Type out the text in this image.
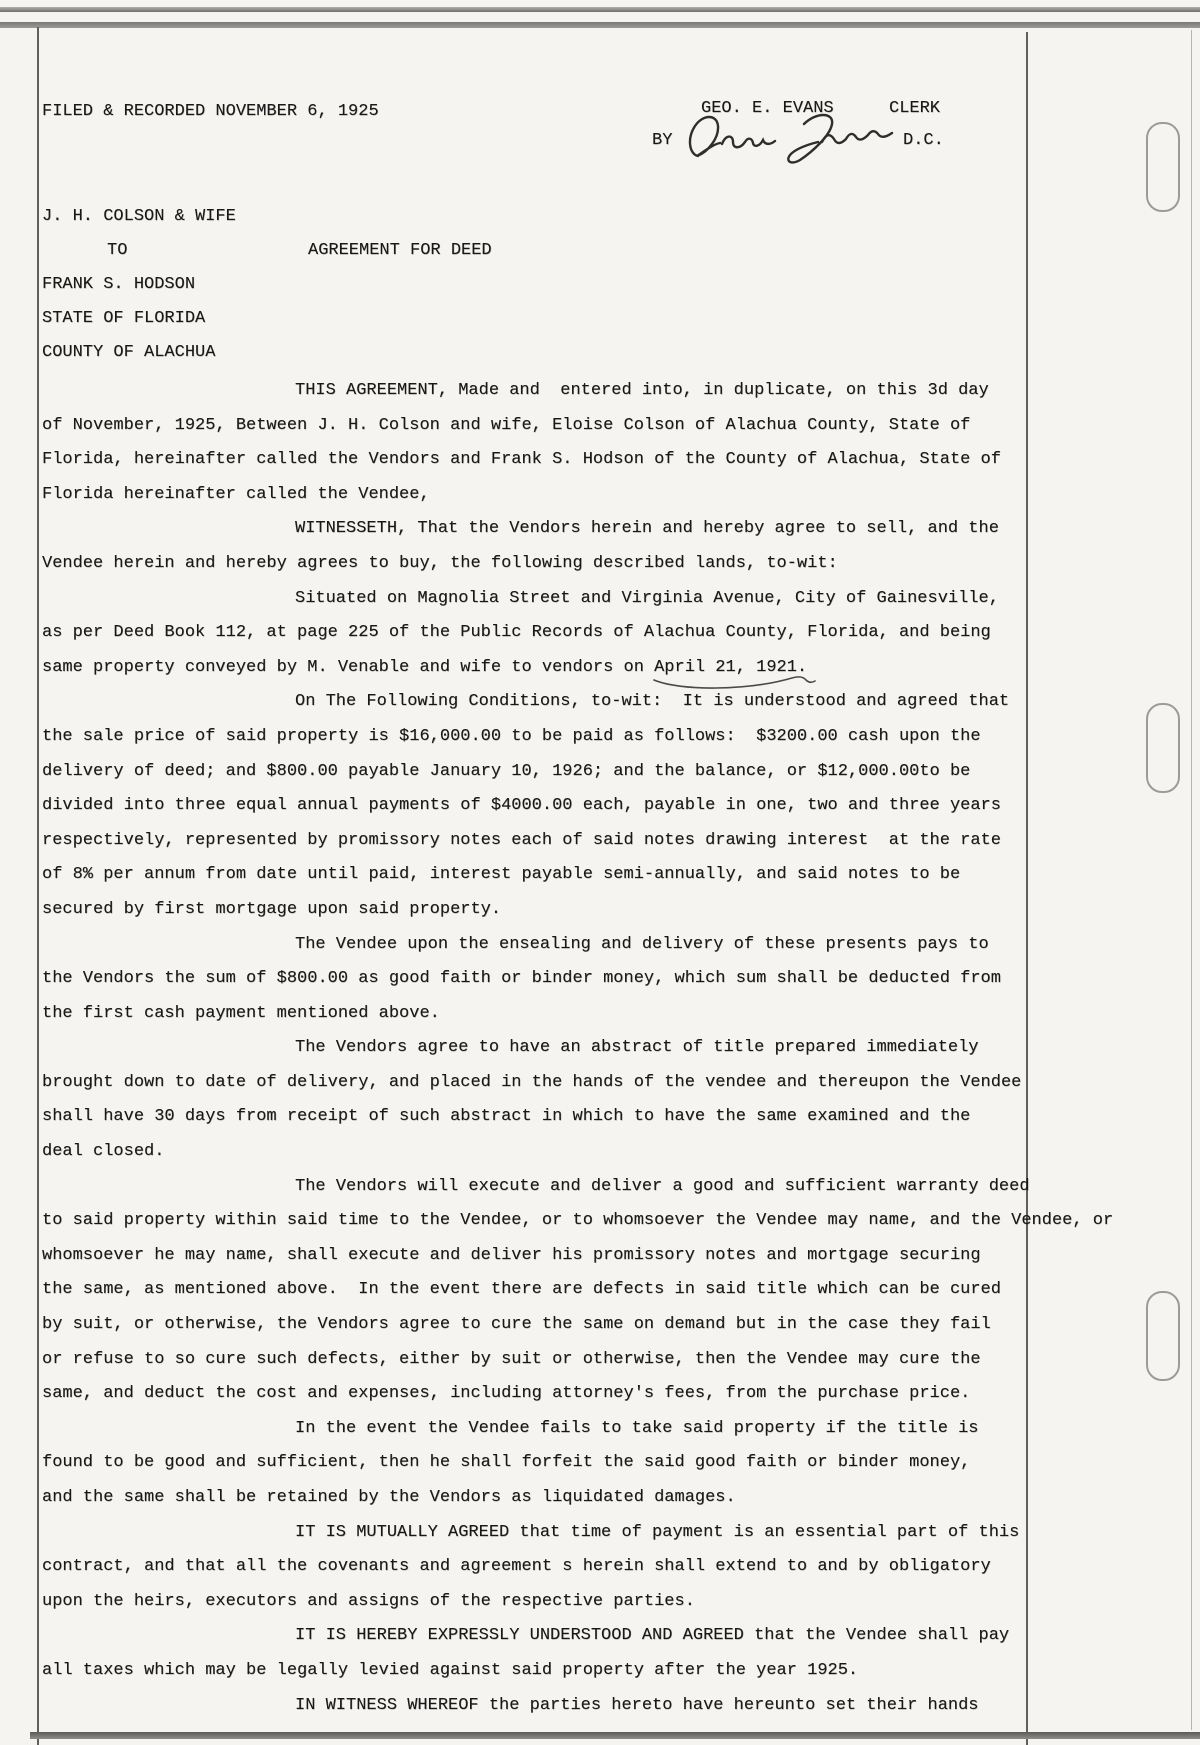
FILED & RECORDED NOVEMBER 6, 1925	GEO. E. EVANS	CLERK
BY	D.C.
J. H. COLSON & WIFE
TO	AGREEMENT FOR DEED
FRANK S. HODSON
STATE OF FLORIDA
COUNTY OF ALACHUA
THIS AGREEMENT, Made and  entered into, in duplicate, on this 3d day
of November, 1925, Between J. H. Colson and wife, Eloise Colson of Alachua County, State of
Florida, hereinafter called the Vendors and Frank S. Hodson of the County of Alachua, State of
Florida hereinafter called the Vendee,
WITNESSETH, That the Vendors herein and hereby agree to sell, and the
Vendee herein and hereby agrees to buy, the following described lands, to-wit:
Situated on Magnolia Street and Virginia Avenue, City of Gainesville,
as per Deed Book 112, at page 225 of the Public Records of Alachua County, Florida, and being
same property conveyed by M. Venable and wife to vendors on April 21, 1921.
On The Following Conditions, to-wit:  It is understood and agreed that
the sale price of said property is $16,000.00 to be paid as follows:  $3200.00 cash upon the
delivery of deed; and $800.00 payable January 10, 1926; and the balance, or $12,000.00to be
divided into three equal annual payments of $4000.00 each, payable in one, two and three years
respectively, represented by promissory notes each of said notes drawing interest  at the rate
of 8% per annum from date until paid, interest payable semi-annually, and said notes to be
secured by first mortgage upon said property.
The Vendee upon the ensealing and delivery of these presents pays to
the Vendors the sum of $800.00 as good faith or binder money, which sum shall be deducted from
the first cash payment mentioned above.
The Vendors agree to have an abstract of title prepared immediately
brought down to date of delivery, and placed in the hands of the vendee and thereupon the Vendee
shall have 30 days from receipt of such abstract in which to have the same examined and the
deal closed.
The Vendors will execute and deliver a good and sufficient warranty deed
to said property within said time to the Vendee, or to whomsoever the Vendee may name, and the Vendee, or
whomsoever he may name, shall execute and deliver his promissory notes and mortgage securing
the same, as mentioned above.  In the event there are defects in said title which can be cured
by suit, or otherwise, the Vendors agree to cure the same on demand but in the case they fail
or refuse to so cure such defects, either by suit or otherwise, then the Vendee may cure the
same, and deduct the cost and expenses, including attorney's fees, from the purchase price.
In the event the Vendee fails to take said property if the title is
found to be good and sufficient, then he shall forfeit the said good faith or binder money,
and the same shall be retained by the Vendors as liquidated damages.
IT IS MUTUALLY AGREED that time of payment is an essential part of this
contract, and that all the covenants and agreement s herein shall extend to and by obligatory
upon the heirs, executors and assigns of the respective parties.
IT IS HEREBY EXPRESSLY UNDERSTOOD AND AGREED that the Vendee shall pay
all taxes which may be legally levied against said property after the year 1925.
IN WITNESS WHEREOF the parties hereto have hereunto set their hands
